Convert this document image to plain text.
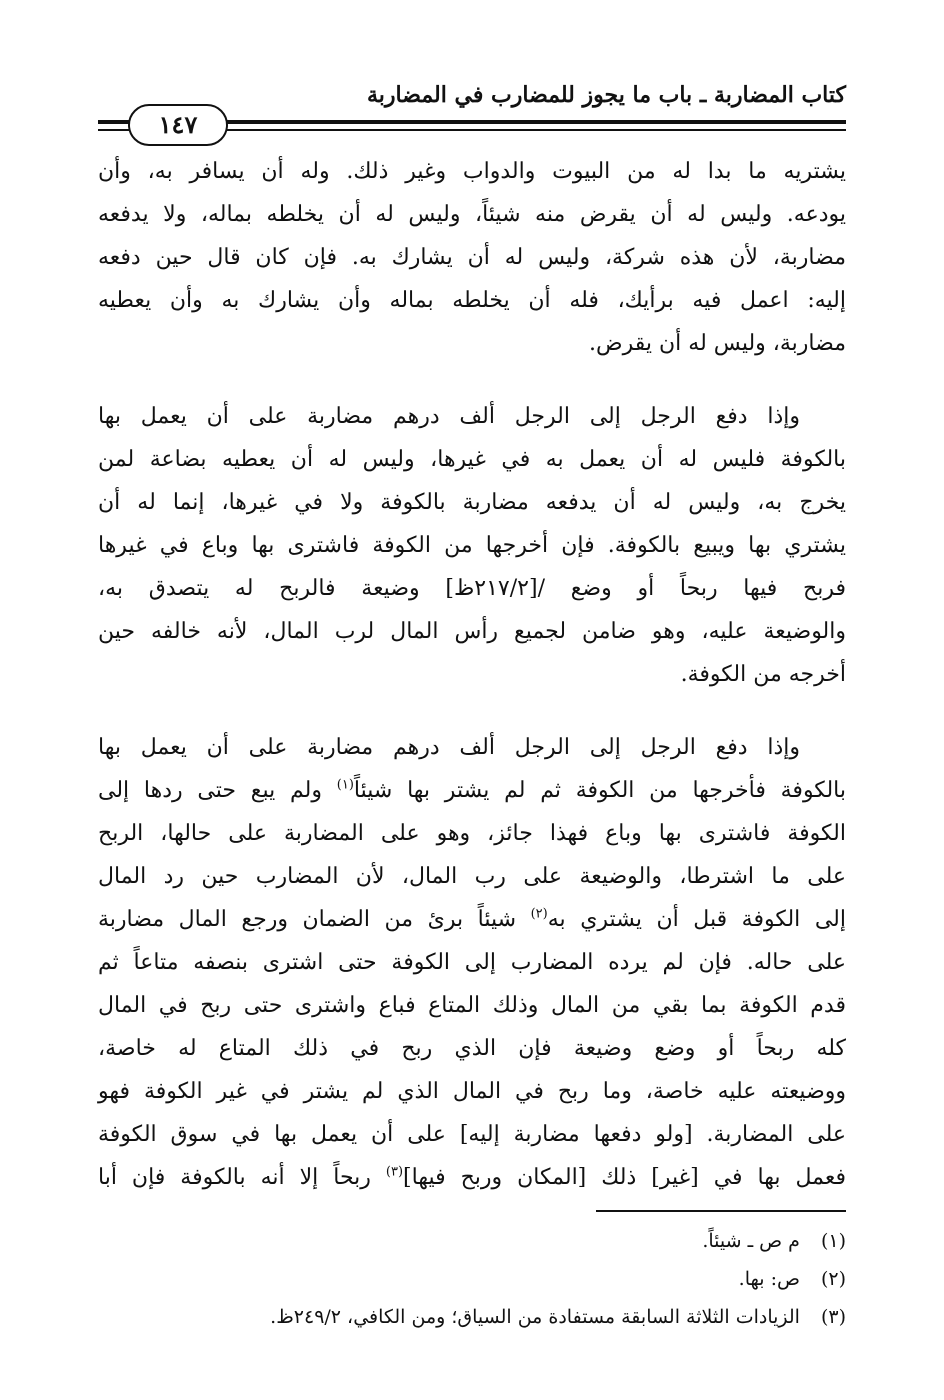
كتاب المضاربة ـ باب ما يجوز للمضارب في المضاربة
١٤٧
يشتريه ما بدا له من البيوت والدواب وغير ذلك. وله أن يسافر به، وأن
يودعه. وليس له أن يقرض منه شيئاً، وليس له أن يخلطه بماله، ولا يدفعه
مضاربة، لأن هذه شركة، وليس له أن يشارك به. فإن كان قال حين دفعه
إليه: اعمل فيه برأيك، فله أن يخلطه بماله وأن يشارك به وأن يعطيه
مضاربة، وليس له أن يقرض.
وإذا دفع الرجل إلى الرجل ألف درهم مضاربة على أن يعمل بها
بالكوفة فليس له أن يعمل به في غيرها، وليس له أن يعطيه بضاعة لمن
يخرج به، وليس له أن يدفعه مضاربة بالكوفة ولا في غيرها، إنما له أن
يشتري بها ويبيع بالكوفة. فإن أخرجها من الكوفة فاشترى بها وباع في غيرها
فربح فيها ربحاً أو وضع /[٢١٧/٢ظ] وضيعة فالربح له يتصدق به،
والوضيعة عليه، وهو ضامن لجميع رأس المال لرب المال، لأنه خالفه حين
أخرجه من الكوفة.
وإذا دفع الرجل إلى الرجل ألف درهم مضاربة على أن يعمل بها
بالكوفة فأخرجها من الكوفة ثم لم يشتر بها شيئاً$^{(١)}$ ولم يبع حتى ردها إلى
الكوفة فاشترى بها وباع فهذا جائز، وهو على المضاربة على حالها، الربح
على ما اشترطا، والوضيعة على رب المال، لأن المضارب حين رد المال
إلى الكوفة قبل أن يشتري به$^{(٢)}$ شيئاً برئ من الضمان ورجع المال مضاربة
على حاله. فإن لم يرده المضارب إلى الكوفة حتى اشترى بنصفه متاعاً ثم
قدم الكوفة بما بقي من المال وذلك المتاع فباع واشترى حتى ربح في المال
كله ربحاً أو وضع وضيعة فإن الذي ربح في ذلك المتاع له خاصة،
ووضيعته عليه خاصة، وما ربح في المال الذي لم يشتر في غير الكوفة فهو
على المضاربة. [ولو دفعها مضاربة إليه] على أن يعمل بها في سوق الكوفة
فعمل بها في [غير] ذلك [المكان وربح فيها]$^{(٣)}$ ربحاً إلا أنه بالكوفة فإن أبا
(١) م ص ـ شيئاً.
(٢) ص: بها.
(٣) الزيادات الثلاثة السابقة مستفادة من السياق؛ ومن الكافي، ٢٤٩/٢ظ.
